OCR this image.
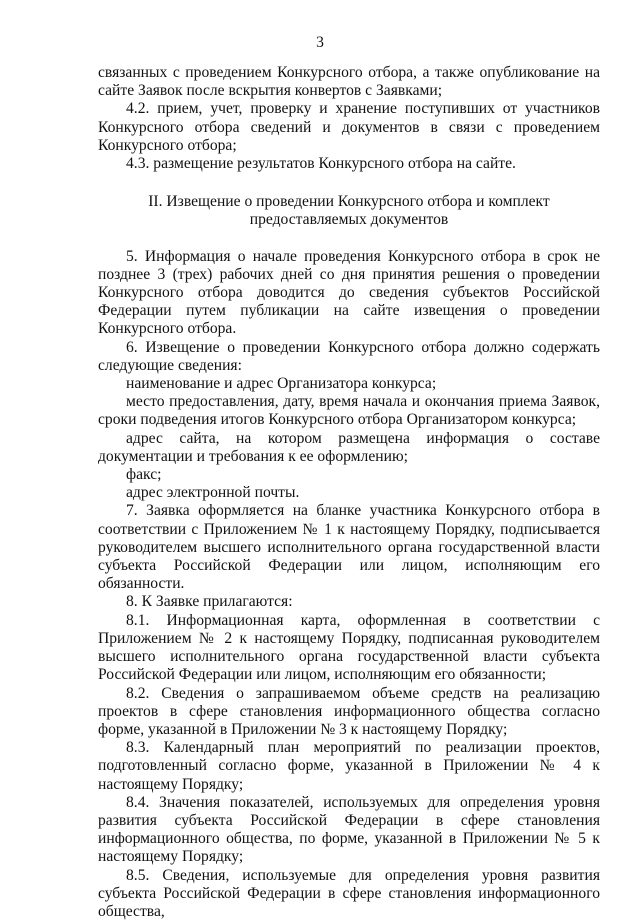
3

связанных с проведением Конкурсного отбора, а также опубликование на сайте Заявок после вскрытия конвертов с Заявками;

4.2. прием, учет, проверку и хранение поступивших от участников Конкурсного отбора сведений и документов в связи с проведением Конкурсного отбора;

4.3. размещение результатов Конкурсного отбора на сайте.

II. Извещение о проведении Конкурсного отбора и комплект
предоставляемых документов

5. Информация о начале проведения Конкурсного отбора в срок не позднее 3 (трех) рабочих дней со дня принятия решения о проведении Конкурсного отбора доводится до сведения субъектов Российской Федерации путем публикации на сайте извещения о проведении Конкурсного отбора.

6. Извещение о проведении Конкурсного отбора должно содержать следующие сведения:

наименование и адрес Организатора конкурса;

место предоставления, дату, время начала и окончания приема Заявок, сроки подведения итогов Конкурсного отбора Организатором конкурса;

адрес сайта, на котором размещена информация о составе документации и требования к ее оформлению;

факс;

адрес электронной почты.

7. Заявка оформляется на бланке участника Конкурсного отбора в соответствии с Приложением № 1 к настоящему Порядку, подписывается руководителем высшего исполнительного органа государственной власти субъекта Российской Федерации или лицом, исполняющим его обязанности.

8. К Заявке прилагаются:

8.1. Информационная карта, оформленная в соответствии с Приложением № 2 к настоящему Порядку, подписанная руководителем высшего исполнительного органа государственной власти субъекта Российской Федерации или лицом, исполняющим его обязанности;

8.2. Сведения о запрашиваемом объеме средств на реализацию проектов в сфере становления информационного общества согласно форме, указанной в Приложении № 3 к настоящему Порядку;

8.3. Календарный план мероприятий по реализации проектов, подготовленный согласно форме, указанной в Приложении № 4 к настоящему Порядку;

8.4. Значения показателей, используемых для определения уровня развития субъекта Российской Федерации в сфере становления информационного общества, по форме, указанной в Приложении № 5 к настоящему Порядку;

8.5. Сведения, используемые для определения уровня развития субъекта Российской Федерации в сфере становления информационного общества,
